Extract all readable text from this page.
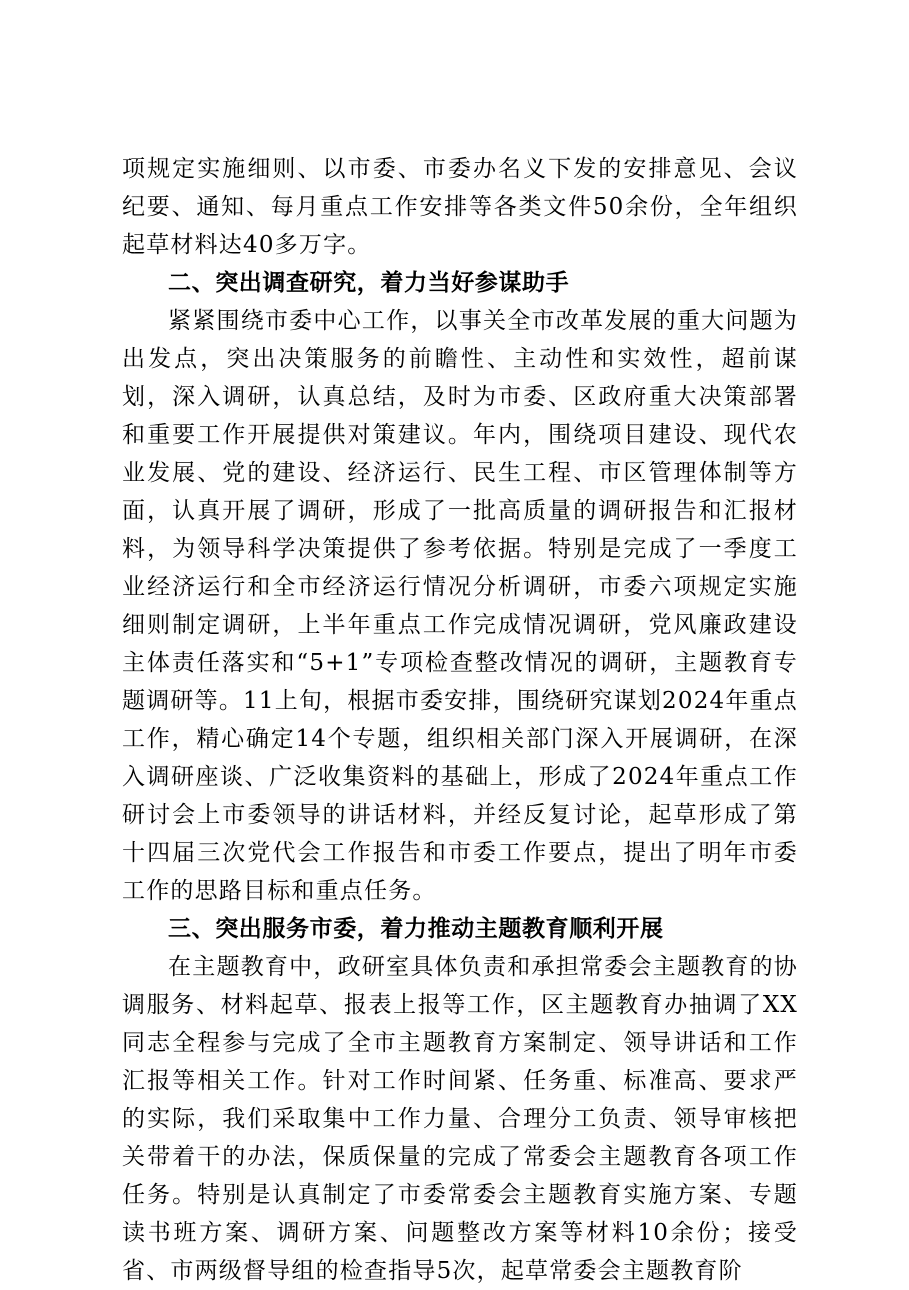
项规定实施细则、以市委、市委办名义下发的安排意见、会议纪要、通知、每月重点工作安排等各类文件50余份，全年组织起草材料达40多万字。

二、突出调查研究，着力当好参谋助手

紧紧围绕市委中心工作，以事关全市改革发展的重大问题为出发点，突出决策服务的前瞻性、主动性和实效性，超前谋划，深入调研，认真总结，及时为市委、区政府重大决策部署和重要工作开展提供对策建议。年内，围绕项目建设、现代农业发展、党的建设、经济运行、民生工程、市区管理体制等方面，认真开展了调研，形成了一批高质量的调研报告和汇报材料，为领导科学决策提供了参考依据。特别是完成了一季度工业经济运行和全市经济运行情况分析调研，市委六项规定实施细则制定调研，上半年重点工作完成情况调研，党风廉政建设主体责任落实和“5+1”专项检查整改情况的调研，主题教育专题调研等。11上旬，根据市委安排，围绕研究谋划2024年重点工作，精心确定14个专题，组织相关部门深入开展调研，在深入调研座谈、广泛收集资料的基础上，形成了2024年重点工作研讨会上市委领导的讲话材料，并经反复讨论，起草形成了第十四届三次党代会工作报告和市委工作要点，提出了明年市委工作的思路目标和重点任务。

三、突出服务市委，着力推动主题教育顺利开展

在主题教育中，政研室具体负责和承担常委会主题教育的协调服务、材料起草、报表上报等工作，区主题教育办抽调了XX同志全程参与完成了全市主题教育方案制定、领导讲话和工作汇报等相关工作。针对工作时间紧、任务重、标准高、要求严的实际，我们采取集中工作力量、合理分工负责、领导审核把关带着干的办法，保质保量的完成了常委会主题教育各项工作任务。特别是认真制定了市委常委会主题教育实施方案、专题读书班方案、调研方案、问题整改方案等材料10余份；接受省、市两级督导组的检查指导5次，起草常委会主题教育阶
